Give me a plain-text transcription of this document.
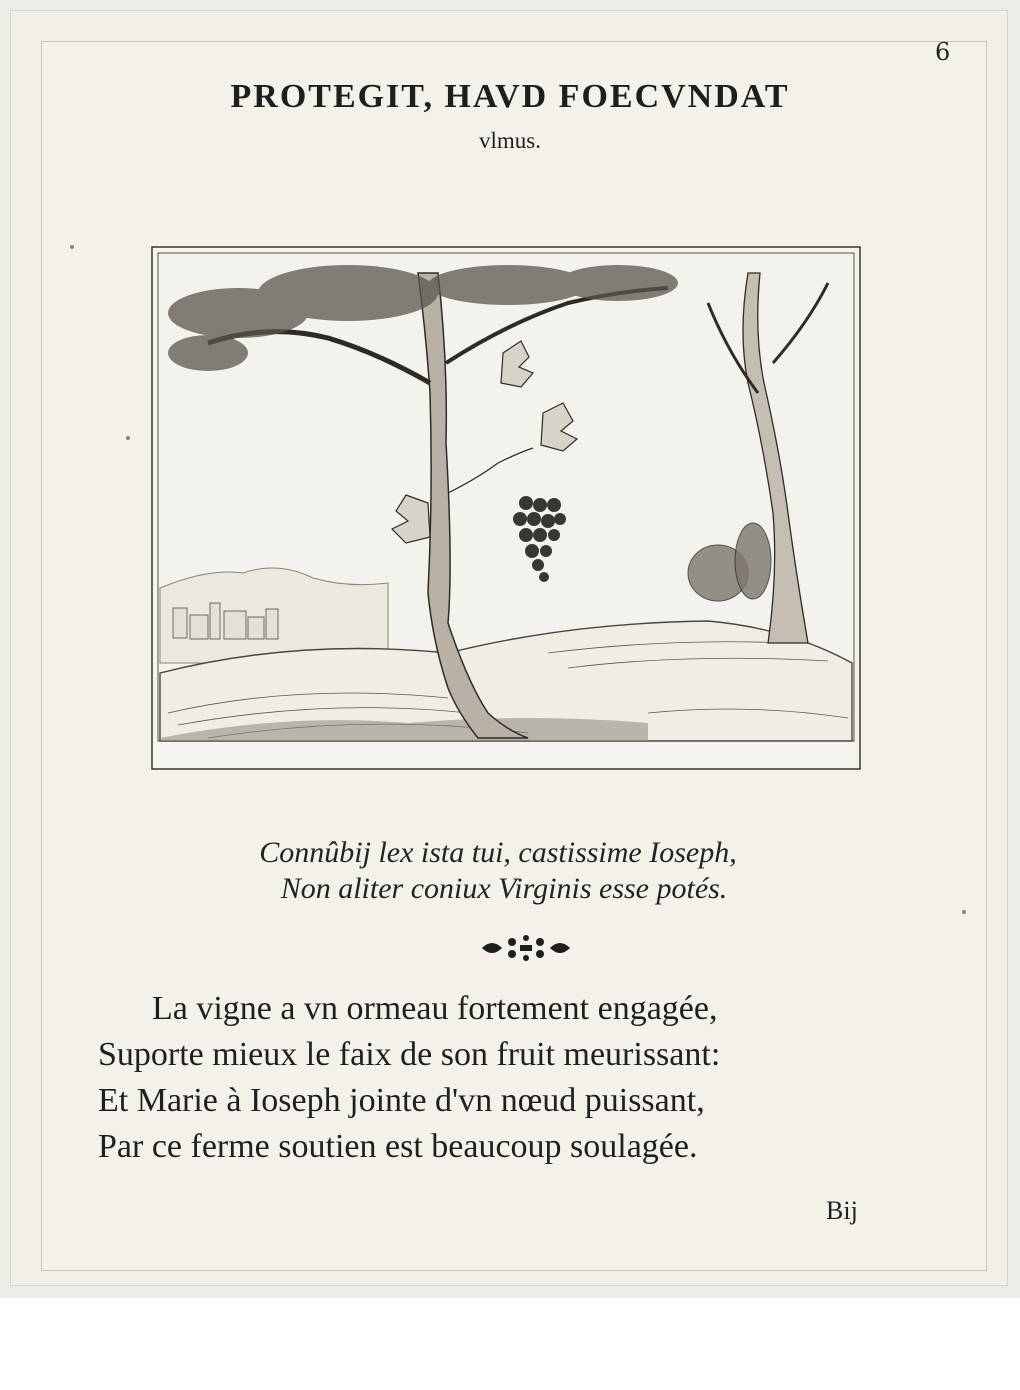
6
PROTEGIT, HAVD FOECVNDAT
vlmus.
Connûbij lex ista tui, castissime Ioseph,
Non aliter coniux Virginis esse potés.
La vigne a vn ormeau fortement engagée,
Suporte mieux le faix de son fruit meurissant:
Et Marie à Ioseph jointe d'vn nœud puissant,
Par ce ferme soutien est beaucoup soulagée.
Bij
